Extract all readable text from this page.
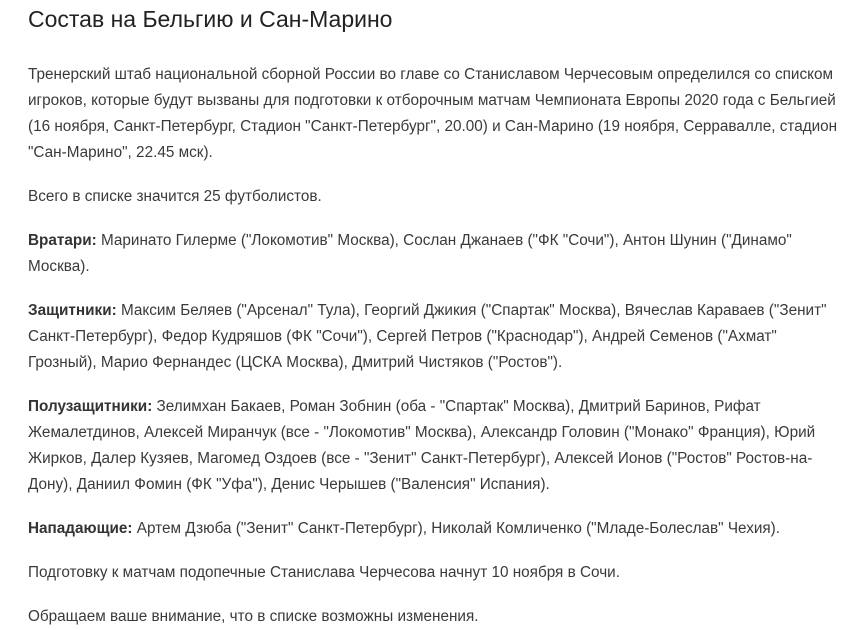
Состав на Бельгию и Сан-Марино

Тренерский штаб национальной сборной России во главе со Станиславом Черчесовым определился со списком игроков, которые будут вызваны для подготовки к отборочным матчам Чемпионата Европы 2020 года с Бельгией (16 ноября, Санкт-Петербург, Стадион "Санкт-Петербург", 20.00) и Сан-Марино (19 ноября, Серравалле, стадион "Сан-Марино", 22.45 мск).

Всего в списке значится 25 футболистов.

Вратари: Маринато Гилерме ("Локомотив" Москва), Сослан Джанаев ("ФК "Сочи"), Антон Шунин ("Динамо" Москва).

Защитники: Максим Беляев ("Арсенал" Тула), Георгий Джикия ("Спартак" Москва), Вячеслав Караваев ("Зенит" Санкт-Петербург), Федор Кудряшов (ФК "Сочи"), Сергей Петров ("Краснодар"), Андрей Семенов ("Ахмат" Грозный), Марио Фернандес (ЦСКА Москва), Дмитрий Чистяков ("Ростов").

Полузащитники: Зелимхан Бакаев, Роман Зобнин (оба - "Спартак" Москва), Дмитрий Баринов, Рифат Жемалетдинов, Алексей Миранчук (все - "Локомотив" Москва), Александр Головин ("Монако" Франция), Юрий Жирков, Далер Кузяев, Магомед Оздоев (все - "Зенит" Санкт-Петербург), Алексей Ионов ("Ростов" Ростов-на-Дону), Даниил Фомин (ФК "Уфа"), Денис Черышев ("Валенсия" Испания).

Нападающие: Артем Дзюба ("Зенит" Санкт-Петербург), Николай Комличенко ("Младе-Болеслав" Чехия).

Подготовку к матчам подопечные Станислава Черчесова начнут 10 ноября в Сочи.

Обращаем ваше внимание, что в списке возможны изменения.
